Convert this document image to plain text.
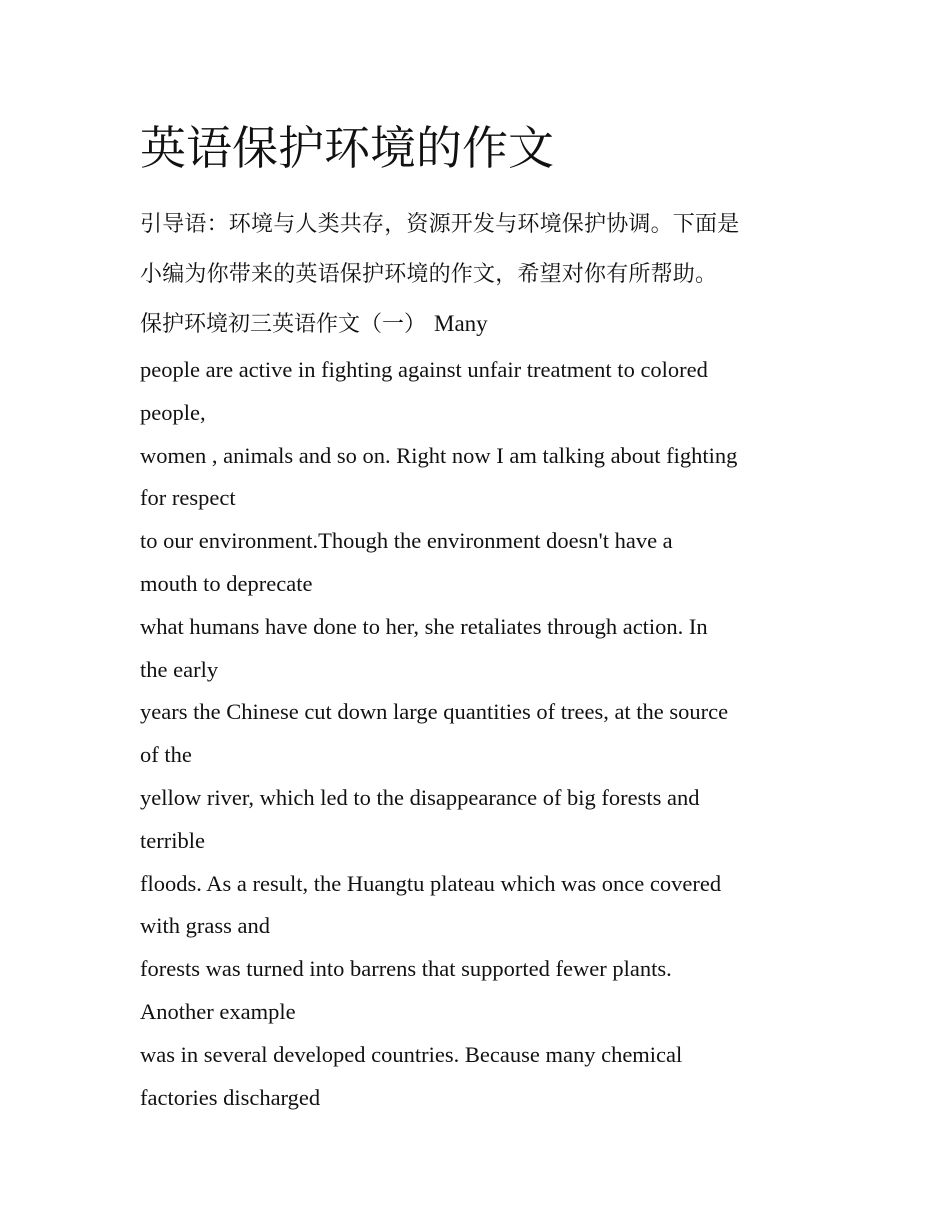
英语保护环境的作文

引导语：环境与人类共存，资源开发与环境保护协调。下面是
小编为你带来的英语保护环境的作文，希望对你有所帮助。

保护环境初三英语作文（一） Many

people are active in fighting against unfair treatment to colored
people,
women , animals and so on. Right now I am talking about fighting
for respect
to our environment.Though the environment doesn't have a
mouth to deprecate
what humans have done to her, she retaliates through action. In
the early
years the Chinese cut down large quantities of trees, at the source
of the
yellow river, which led to the disappearance of big forests and
terrible
floods. As a result, the Huangtu plateau which was once covered
with grass and
forests was turned into barrens that supported fewer plants.
Another example
was in several developed countries. Because many chemical
factories discharged
